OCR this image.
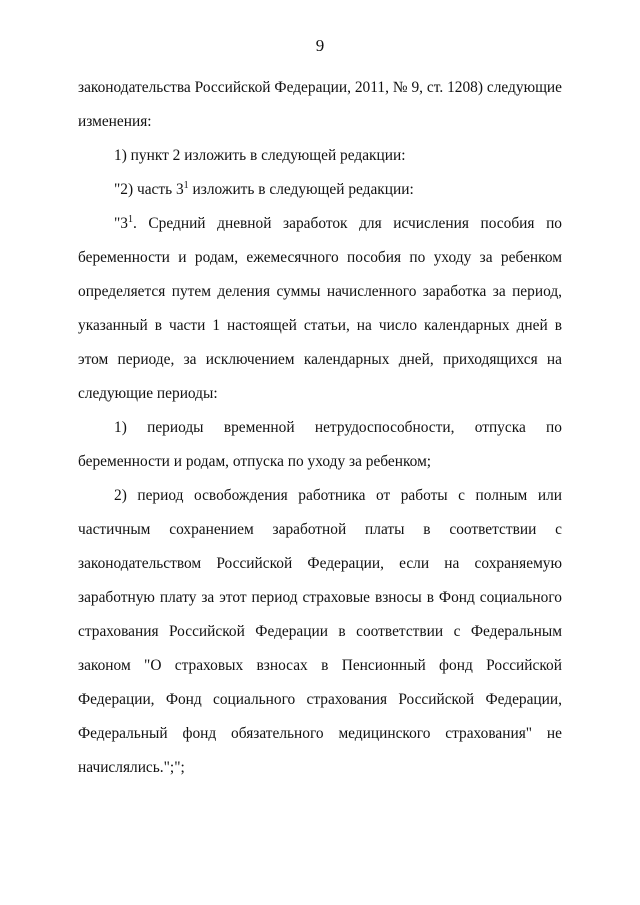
9

законодательства Российской Федерации, 2011, № 9, ст. 1208) следующие изменения:

1) пункт 2 изложить в следующей редакции:

"2) часть $3^1$ изложить в следующей редакции:

"$3^1$. Средний дневной заработок для исчисления пособия по беременности и родам, ежемесячного пособия по уходу за ребенком определяется путем деления суммы начисленного заработка за период, указанный в части 1 настоящей статьи, на число календарных дней в этом периоде, за исключением календарных дней, приходящихся на следующие периоды:

1) периоды временной нетрудоспособности, отпуска по беременности и родам, отпуска по уходу за ребенком;

2) период освобождения работника от работы с полным или частичным сохранением заработной платы в соответствии с законодательством Российской Федерации, если на сохраняемую заработную плату за этот период страховые взносы в Фонд социального страхования Российской Федерации в соответствии с Федеральным законом "О страховых взносах в Пенсионный фонд Российской Федерации, Фонд социального страхования Российской Федерации, Федеральный фонд обязательного медицинского страхования" не начислялись.";";
